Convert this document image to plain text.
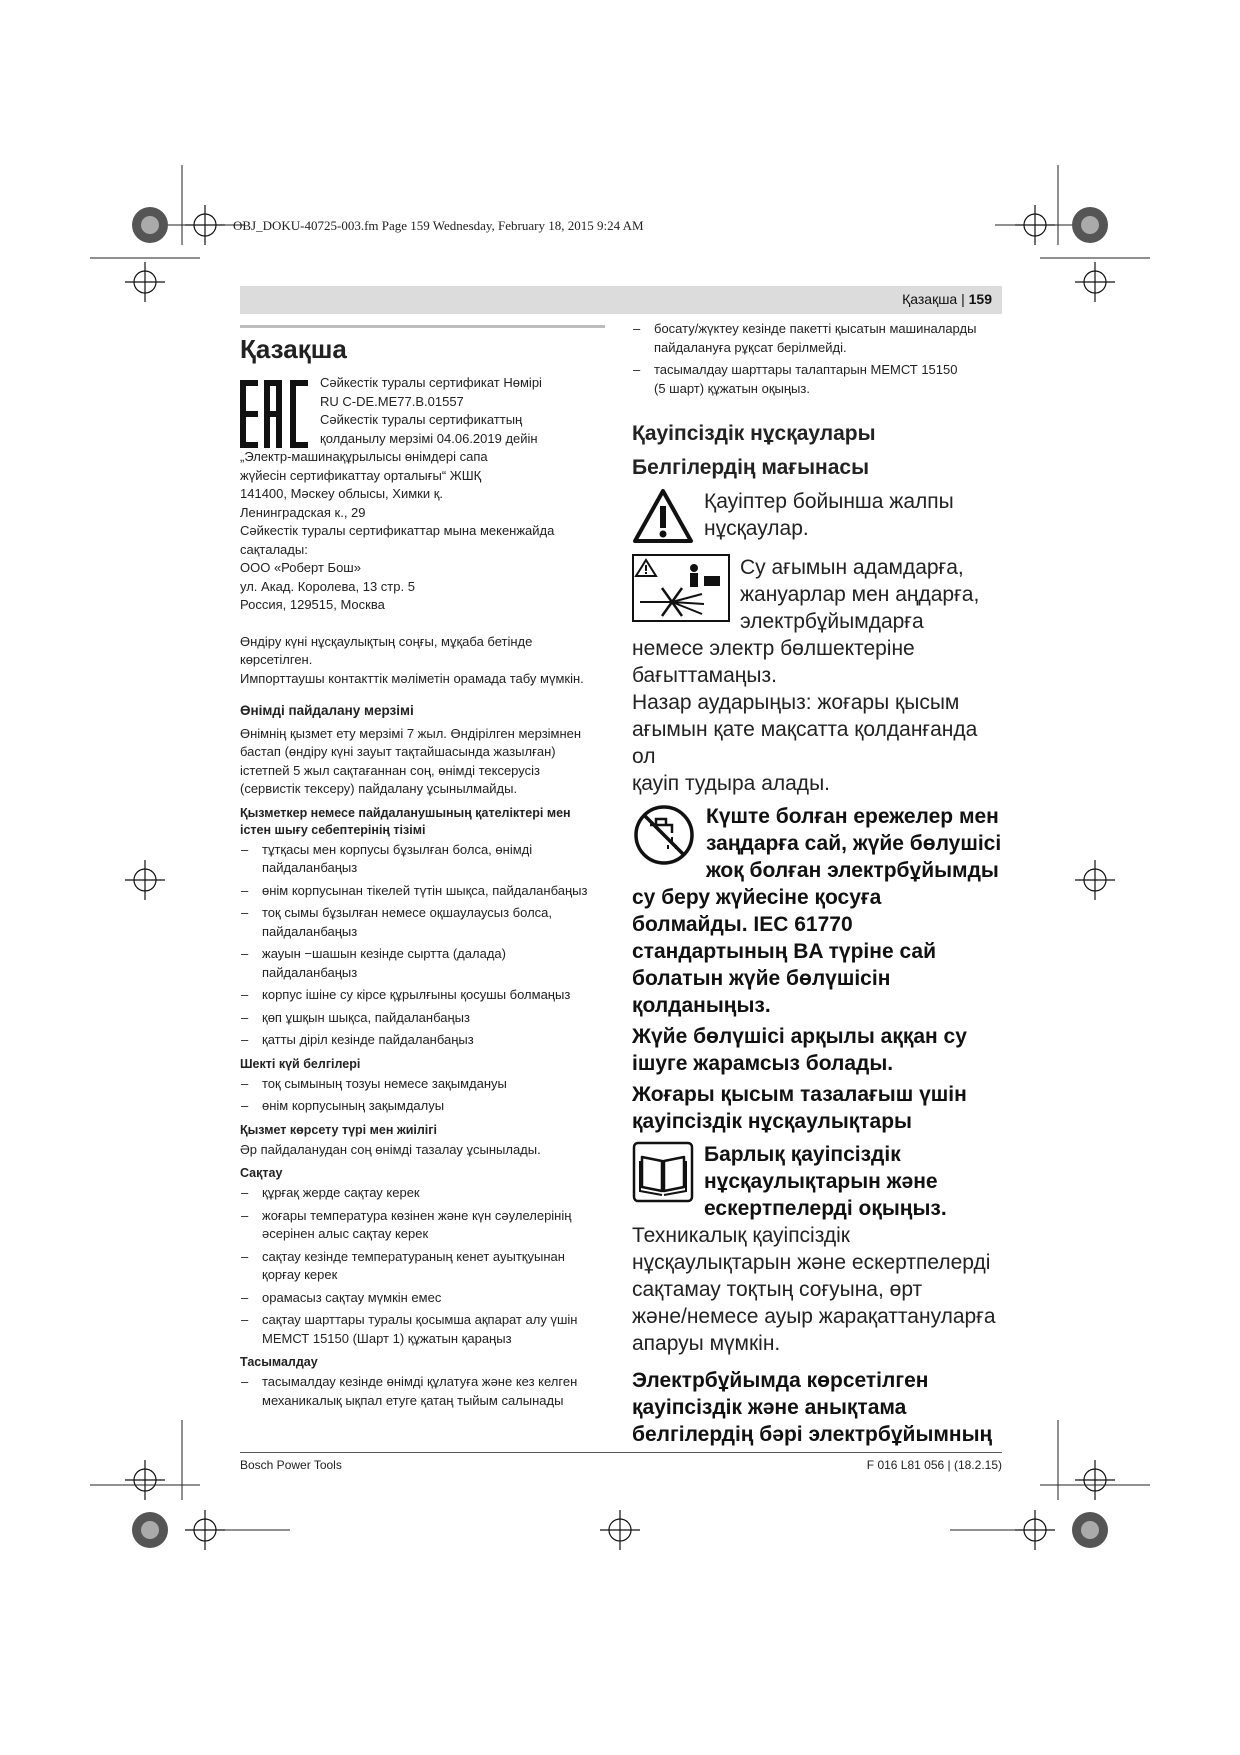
OBJ_DOKU-40725-003.fm Page 159 Wednesday, February 18, 2015 9:24 AM
Қазақша | 159
Қазақша

Сәйкестік туралы сертификат Нөмірі

RU C-DE.ME77.B.01557

Сәйкестік туралы сертификаттың

қолданылу мерзімі 04.06.2019 дейін

„Электр-машинақұрылысы өнімдері сапа

жүйесін сертификаттау орталығы“ ЖШҚ

141400, Мәскеу облысы, Химки қ.

Ленинградская к., 29

Сәйкестік туралы сертификаттар мына мекенжайда

сақталады:

ООО «Роберт Бош»

ул. Акад. Королева, 13 стр. 5

Россия, 129515, Москва

Өндіру күні нұсқаулықтың соңғы, мұқаба бетінде

көрсетілген.

Импорттаушы контакттік мәліметін орамада табу мүмкін.

Өнімді пайдалану мерзімі

Өнімнің қызмет ету мерзімі 7 жыл. Өндірілген мерзімнен

бастап (өндіру күні зауыт тақтайшасында жазылған)

істетпей 5 жыл сақтағаннан соң, өнімді тексерусіз

(сервистік тексеру) пайдалану ұсынылмайды.

Қызметкер немесе пайдаланушының қателіктері мен
істен шығу себептерінің тізімі
– тұтқасы мен корпусы бұзылған болса, өнімді
пайдаланбаңыз
– өнім корпусынан тікелей түтін шықса, пайдаланбаңыз
– тоқ сымы бұзылған немесе оқшаулаусыз болса,
пайдаланбаңыз
– жауын −шашын кезінде сыртта (далада)
пайдаланбаңыз
– корпус ішіне су кірсе құрылғыны қосушы болмаңыз
– қөп ұшқын шықса, пайдаланбаңыз
– қатты діріл кезінде пайдаланбаңыз
Шекті күй белгілері
– тоқ сымының тозуы немесе зақымдануы
– өнім корпусының зақымдалуы
Қызмет көрсету түрі мен жиілігі

Әр пайдаланудан соң өнімді тазалау ұсынылады.

Сақтау
– құрғақ жерде сақтау керек
– жоғары температура көзінен және күн сәулелерінің
әсерінен алыс сақтау керек
– сақтау кезінде температураның кенет ауытқуынан
қорғау керек
– орамасыз сақтау мүмкін емес
– сақтау шарттары туралы қосымша ақпарат алу үшін
МЕМСТ 15150 (Шарт 1) құжатын қараңыз
Тасымалдау
– тасымалдау кезінде өнімді құлатуға және кез келген
механикалық ықпал етуге қатаң тыйым салынады
– босату/жүктеу кезінде пакетті қысатын машиналарды
пайдалануға рұқсат берілмейді.
– тасымалдау шарттары талаптарын МЕМСТ 15150
(5 шарт) құжатын оқыңыз.
Қауіпсіздік нұсқаулары
Белгілердің мағынасы
Қауіптер бойынша жалпы
нұсқаулар.
Су ағымын адамдарға,
жануарлар мен аңдарға,
электрбұйымдарға
немесе электр бөлшектеріне
бағыттамаңыз.
Назар аударыңыз: жоғары қысым
ағымын қате мақсатта қолданғанда ол
қауіп тудыра алады.
Күште болған ережелер мен
заңдарға сай, жүйе бөлушісі
жоқ болған электрбұйымды
су беру жүйесіне қосуға
болмайды. IEC 61770
стандартының BA түріне сай
болатын жүйе бөлүшісін
қолданыңыз.
Жүйе бөлүшісі арқылы аққан су
ішуге жарамсыз болады.
Жоғары қысым тазалағыш үшін
қауіпсіздік нұсқаулықтары
Барлық қауіпсіздік
нұсқаулықтарын және
ескертпелерді оқыңыз.
Техникалық қауіпсіздік
нұсқаулықтарын және ескертпелерді
сақтамау тоқтың соғуына, өрт
және/немесе ауыр жарақаттануларға
апаруы мүмкін.
Электрбұйымда көрсетілген
қауіпсіздік және анықтама
белгілердің бәрі электрбұйымның
Bosch Power Tools	F 016 L81 056 | (18.2.15)
